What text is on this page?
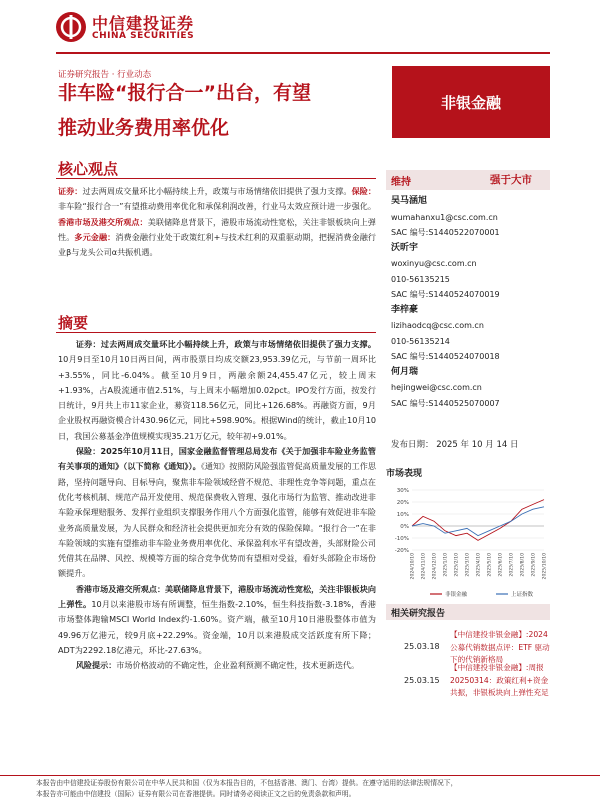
中信建投证券
CHINA SECURITIES
证券研究报告 · 行业动态
非车险“报行合一”出台，有望
推动业务费用率优化
非银金融
核心观点
证券：过去两周成交量环比小幅持续上升，政策与市场情绪依旧提供了强力支撑。保险：非车险“报行合一”有望推动费用率优化和承保利润改善，行业马太效应预计进一步强化。香港市场及港交所观点：美联储降息背景下，港股市场流动性宽松，关注非银板块向上弹性。多元金融：消费金融行业处于政策红利+与技术红利的双重驱动期，把握消费金融行业β与龙头公司α共振机遇。
摘要
证券：过去两周成交量环比小幅持续上升，政策与市场情绪依旧提供了强力支撑。10月9日至10月10日两日间，两市股票日均成交额23,953.39亿元，与节前一周环比+3.55%，同比-6.04%。截至10月9日，两融余额24,455.47亿元，较上周末+1.93%，占A股流通市值2.51%，与上周末小幅增加0.02pct。IPO发行方面，按发行日统计，9月共上市11家企业，募资118.56亿元，同比+126.68%。再融资方面，9月企业股权再融资模合计430.96亿元，同比+598.90%。根据Wind的统计，截止10月10日，我国公募基金净值规模实现35.21万亿元，较年初+9.01%。
保险：2025年10月11日，国家金融监督管理总局发布《关于加强非车险业务监管有关事项的通知》（以下简称《通知》）。《通知》按照防风险强监管促高质量发展的工作思路，坚持问题导向、目标导向，聚焦非车险领域经营不规范、非理性竞争等问题，重点在优化考核机制、规范产品开发使用、规范保费收入管理、强化市场行为监管、推动改进非车险承保理赔服务、发挥行业组织支撑服务作用八个方面强化监管，能够有效促进非车险业务高质量发展，为人民群众和经济社会提供更加充分有效的保险保障。“报行合一”在非车险领域的实施有望推动非车险业务费用率优化、承保盈利水平有望改善，头部财险公司凭借其在品牌、风控、规模等方面的综合竞争优势而有望相对受益，看好头部险企市场份额提升。
香港市场及港交所观点：美联储降息背景下，港股市场流动性宽松，关注非银板块向上弹性。10月以来港股市场有所调整，恒生指数-2.10%，恒生科技指数-3.18%，香港市场整体跑输MSCI World Index约-1.60%。资产端，截至10月10日港股整体市值为49.96万亿港元，较9月底+22.29%。资金端，10月以来港股成交活跃度有所下降；ADT为2292.18亿港元，环比-27.63%。
风险提示：市场价格波动的不确定性，企业盈利预测不确定性，技术更新迭代。
维持	强于大市
吴马涵旭
wumahanxu1@csc.com.cn
SAC 编号:S1440522070001
沃昕宇
woxinyu@csc.com.cn
010-56135215
SAC 编号:S1440524070019
李梓豪
lizihaodcq@csc.com.cn
010-56135214
SAC 编号:S1440524070018
何月瑞
hejingwei@csc.com.cn
SAC 编号:S1440525070007
发布日期： 2025 年 10 月 14 日
市场表现
30%
20%
10%
0%
-10%
-20%
2024/10/10 2024/11/10 2024/12/10 2025/1/10 2025/2/10 2025/3/10 2025/4/10 2025/5/10 2025/6/10 2025/7/10 2025/8/10 2025/9/10 2025/10/10
非银金融	上证指数
相关研究报告
25.03.18
【中信建投非银金融】:2024 公募代销数据点评：ETF 驱动下的代销新格局
25.03.15
【中信建投非银金融】:周报20250314：政策红利+资金共振，非银板块向上弹性充足
本报告由中信建投证券股份有限公司在中华人民共和国（仅为本报告目的，不包括香港、澳门、台湾）提供。在遵守适用的法律法规情况下，
本报告亦可能由中信建投（国际）证券有限公司在香港提供。同时请务必阅读正文之后的免责条款和声明。
